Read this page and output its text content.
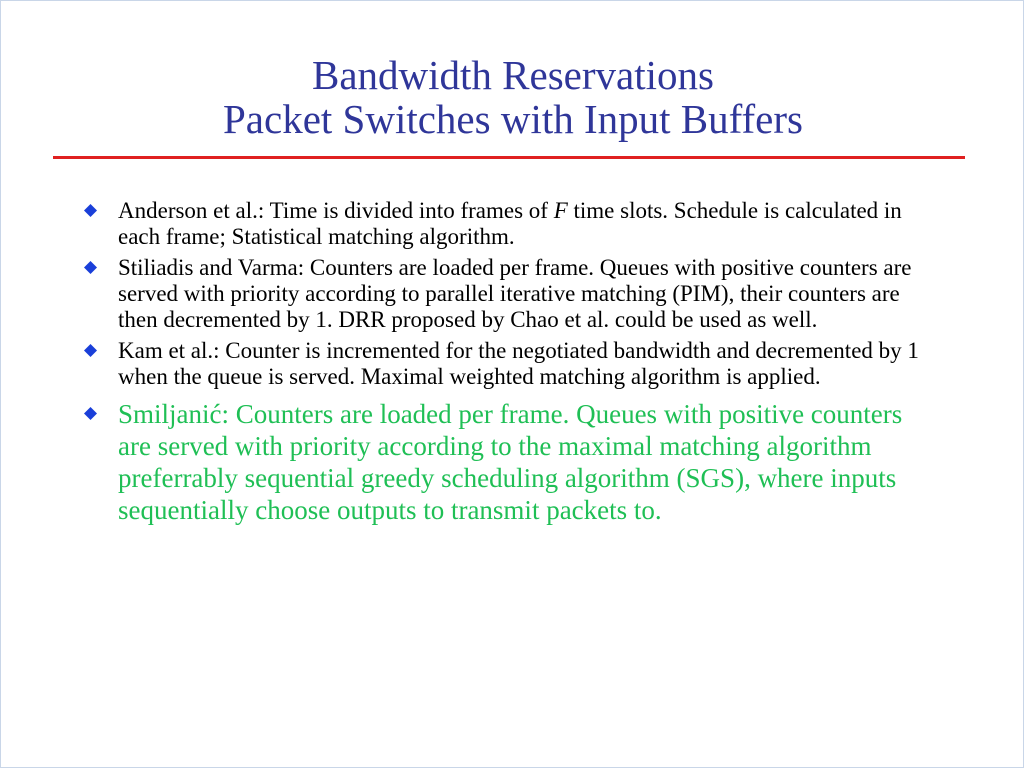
Bandwidth Reservations
Packet Switches with Input Buffers
Anderson et al.: Time is divided into frames of F time slots. Schedule is calculated in each frame; Statistical matching algorithm.
Stiliadis and Varma: Counters are loaded per frame. Queues with positive counters are served with priority according to parallel iterative matching (PIM), their counters are then decremented by 1. DRR proposed by Chao et al. could be used as well.
Kam et al.: Counter is incremented for the negotiated bandwidth and decremented by 1 when the queue is served. Maximal weighted matching algorithm is applied.
Smiljanić: Counters are loaded per frame. Queues with positive counters are served with priority according to the maximal matching algorithm preferrably sequential greedy scheduling algorithm (SGS), where inputs sequentially choose outputs to transmit packets to.
